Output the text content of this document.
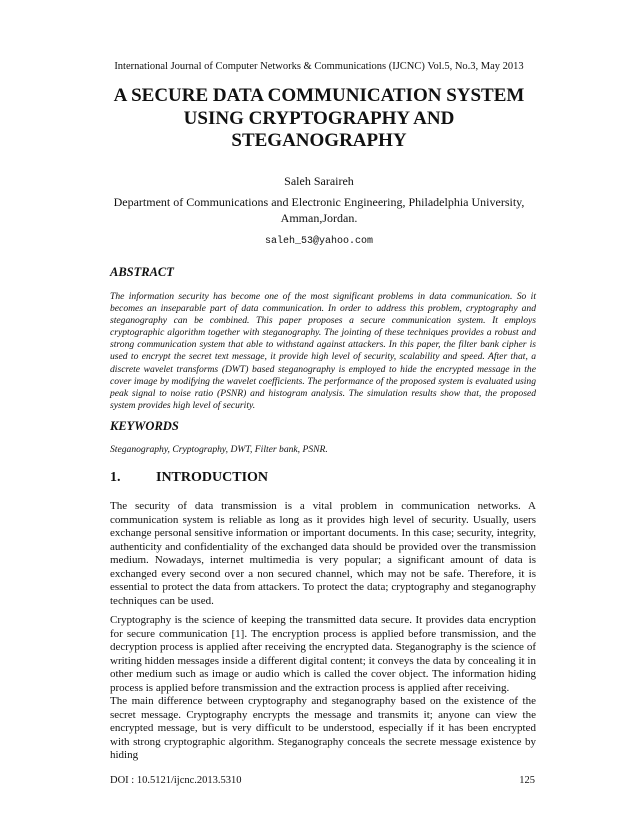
International Journal of Computer Networks & Communications (IJCNC) Vol.5, No.3, May 2013
A SECURE DATA COMMUNICATION SYSTEM USING CRYPTOGRAPHY AND STEGANOGRAPHY
Saleh Saraireh
Department of Communications and Electronic Engineering, Philadelphia University, Amman,Jordan.
saleh_53@yahoo.com
ABSTRACT
The information security has become one of the most significant problems in data communication. So it becomes an inseparable part of data communication. In order to address this problem, cryptography and steganography can be combined. This paper proposes a secure communication system. It employs cryptographic algorithm together with steganography. The jointing of these techniques provides a robust and strong communication system that able to withstand against attackers. In this paper, the filter bank cipher is used to encrypt the secret text message, it provide high level of security, scalability and speed. After that, a discrete wavelet transforms (DWT) based steganography is employed to hide the encrypted message in the cover image by modifying the wavelet coefficients. The performance of the proposed system is evaluated using peak signal to noise ratio (PSNR) and histogram analysis. The simulation results show that, the proposed system provides high level of security.
KEYWORDS
Steganography, Cryptography, DWT, Filter bank, PSNR.
1.	INTRODUCTION

The security of data transmission is a vital problem in communication networks. A communication system is reliable as long as it provides high level of security. Usually, users exchange personal sensitive information or important documents. In this case; security, integrity, authenticity and confidentiality of the exchanged data should be provided over the transmission medium. Nowadays, internet multimedia is very popular; a significant amount of data is exchanged every second over a non secured channel, which may not be safe. Therefore, it is essential to protect the data from attackers. To protect the data; cryptography and steganography techniques can be used.

Cryptography is the science of keeping the transmitted data secure. It provides data encryption for secure communication [1]. The encryption process is applied before transmission, and the decryption process is applied after receiving the encrypted data. Steganography is the science of writing hidden messages inside a different digital content; it conveys the data by concealing it in other medium such as image or audio which is called the cover object. The information hiding process is applied before transmission and the extraction process is applied after receiving.

The main difference between cryptography and steganography based on the existence of the secret message. Cryptography encrypts the message and transmits it; anyone can view the encrypted message, but is very difficult to be understood, especially if it has been encrypted with strong cryptographic algorithm. Steganography conceals the secrete message existence by hiding

DOI : 10.5121/ijcnc.2013.5310	125
